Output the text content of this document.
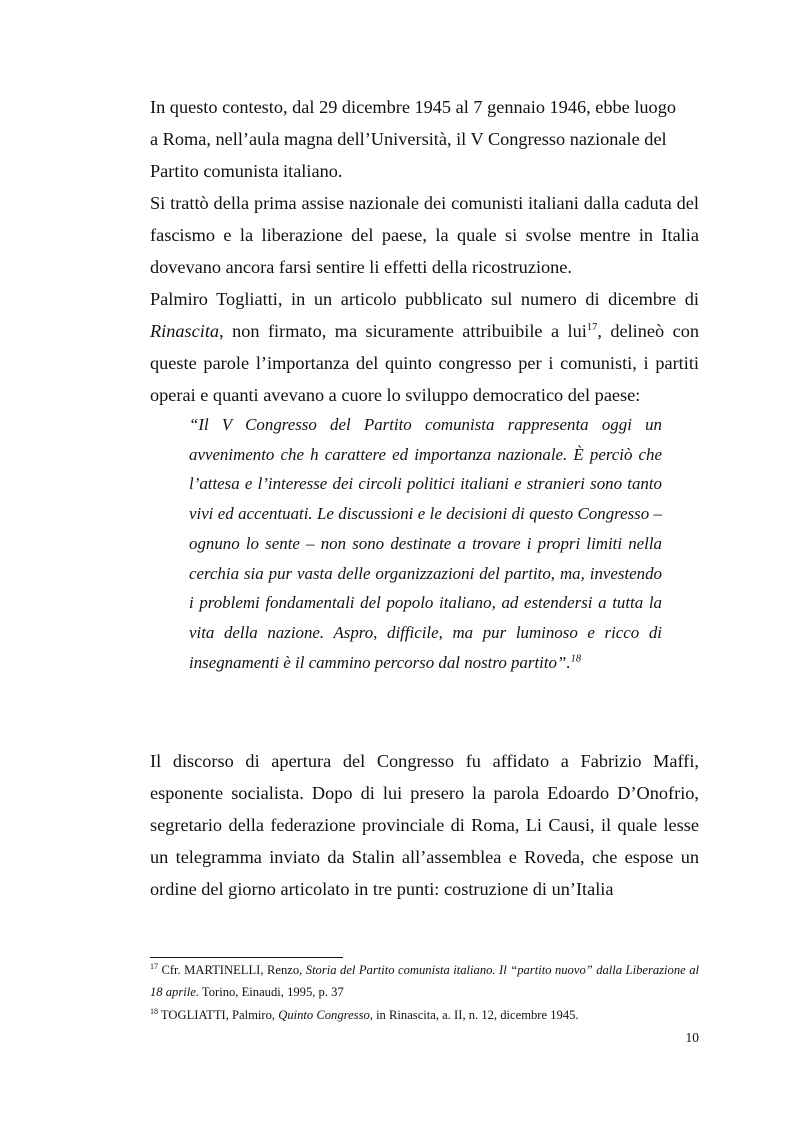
In questo contesto, dal 29 dicembre 1945 al 7 gennaio 1946, ebbe luogo
a Roma, nell’aula magna dell’Università, il V Congresso nazionale del
Partito comunista italiano.

Si trattò della prima assise nazionale dei comunisti italiani dalla caduta del fascismo e la liberazione del paese, la quale si svolse mentre in Italia dovevano ancora farsi sentire li effetti della ricostruzione.

Palmiro Togliatti, in un articolo pubblicato sul numero di dicembre di Rinascita, non firmato, ma sicuramente attribuibile a lui$^{17}$, delineò con queste parole l’importanza del quinto congresso per i comunisti, i partiti operai e quanti avevano a cuore lo sviluppo democratico del paese:

“Il V Congresso del Partito comunista rappresenta oggi un avvenimento che h carattere ed importanza nazionale. È perciò che l’attesa e l’interesse dei circoli politici italiani e stranieri sono tanto vivi ed accentuati. Le discussioni e le decisioni di questo Congresso – ognuno lo sente – non sono destinate a trovare i propri limiti nella cerchia sia pur vasta delle organizzazioni del partito, ma, investendo i problemi fondamentali del popolo italiano, ad estendersi a tutta la vita della nazione. Aspro, difficile, ma pur luminoso e ricco di insegnamenti è il cammino percorso dal nostro partito”.$^{18}$

Il discorso di apertura del Congresso fu affidato a Fabrizio Maffi, esponente socialista. Dopo di lui presero la parola Edoardo D’Onofrio, segretario della federazione provinciale di Roma, Li Causi, il quale lesse un telegramma inviato da Stalin all’assemblea e Roveda, che espose un ordine del giorno articolato in tre punti: costruzione di un’Italia

$^{17}$ Cfr. MARTINELLI, Renzo, Storia del Partito comunista italiano. Il “partito nuovo” dalla Liberazione al 18 aprile. Torino, Einaudi, 1995, p. 37

$^{18}$ TOGLIATTI, Palmiro, Quinto Congresso, in Rinascita, a. II, n. 12, dicembre 1945.

10
